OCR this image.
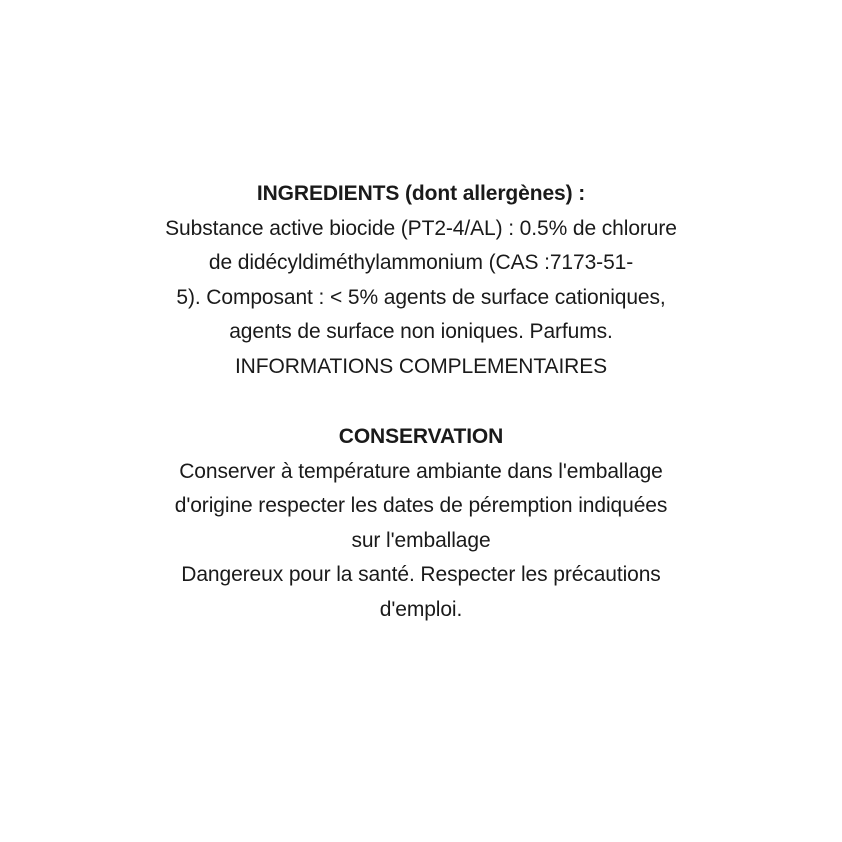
INGREDIENTS (dont allergènes) :
Substance active biocide (PT2-4/AL) : 0.5% de chlorure
de didécyldiméthylammonium (CAS :7173-51-
5). Composant : < 5% agents de surface cationiques,
agents de surface non ioniques. Parfums.
INFORMATIONS COMPLEMENTAIRES
CONSERVATION
Conserver à température ambiante dans l'emballage
d'origine respecter les dates de péremption indiquées
sur l'emballage
Dangereux pour la santé. Respecter les précautions
d'emploi.
